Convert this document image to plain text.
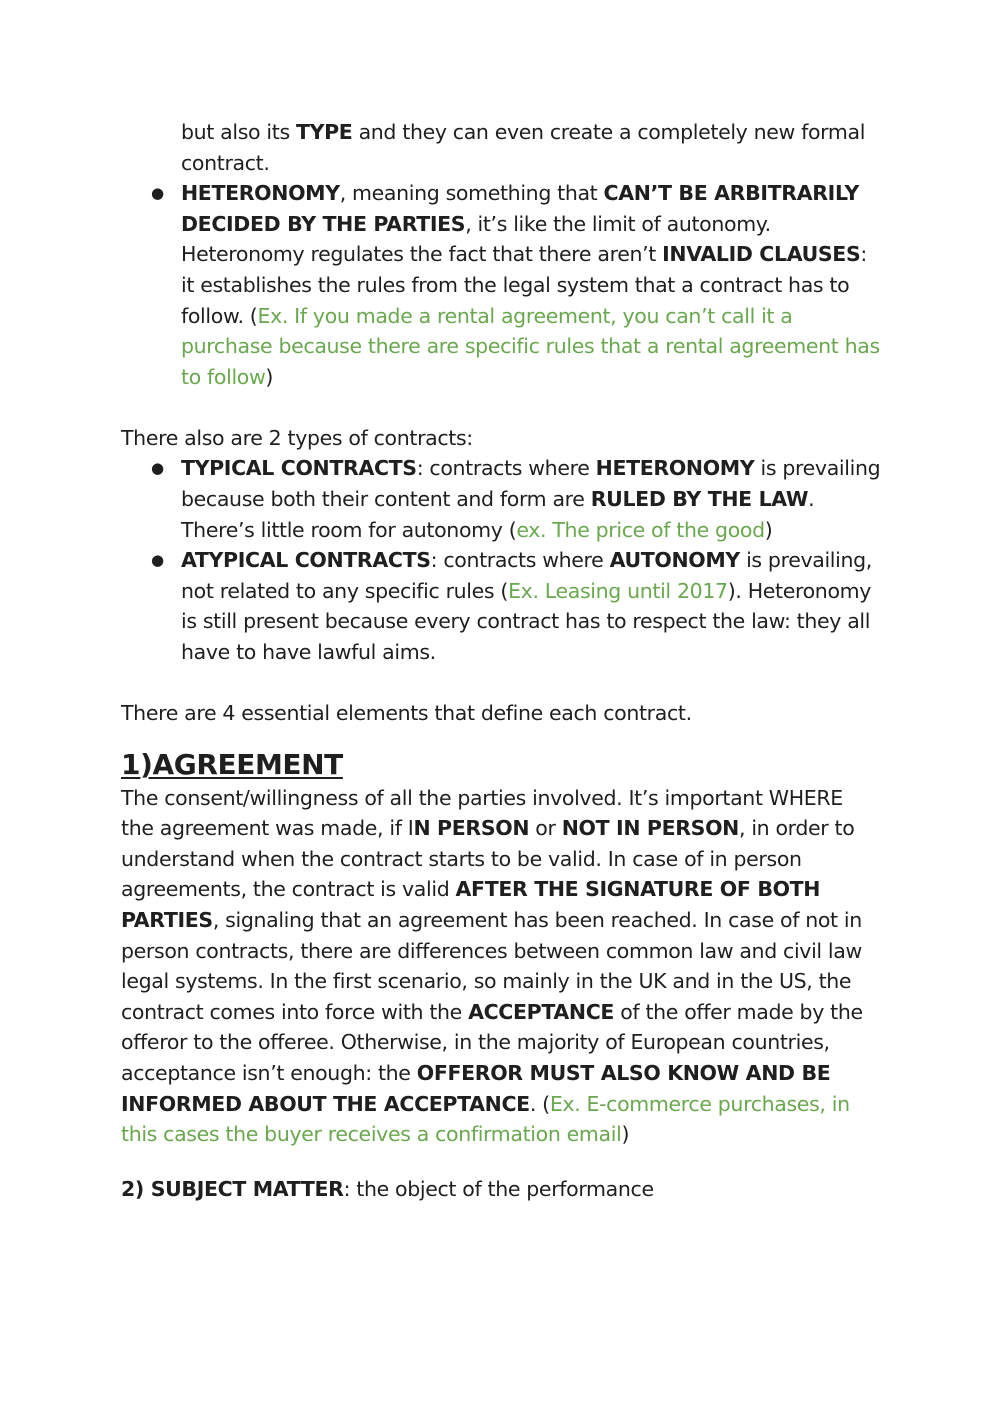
but also its TYPE and they can even create a completely new formal contract.

● HETERONOMY, meaning something that CAN’T BE ARBITRARILY DECIDED BY THE PARTIES, it’s like the limit of autonomy. Heteronomy regulates the fact that there aren’t INVALID CLAUSES: it establishes the rules from the legal system that a contract has to follow. (Ex. If you made a rental agreement, you can’t call it a purchase because there are specific rules that a rental agreement has to follow)

There also are 2 types of contracts:

● TYPICAL CONTRACTS: contracts where HETERONOMY is prevailing because both their content and form are RULED BY THE LAW. There’s little room for autonomy (ex. The price of the good)

● ATYPICAL CONTRACTS: contracts where AUTONOMY is prevailing, not related to any specific rules (Ex. Leasing until 2017). Heteronomy is still present because every contract has to respect the law: they all have to have lawful aims.

There are 4 essential elements that define each contract.

1)AGREEMENT

The consent/willingness of all the parties involved. It’s important WHERE the agreement was made, if IN PERSON or NOT IN PERSON, in order to understand when the contract starts to be valid. In case of in person agreements, the contract is valid AFTER THE SIGNATURE OF BOTH PARTIES, signaling that an agreement has been reached. In case of not in person contracts, there are differences between common law and civil law legal systems. In the first scenario, so mainly in the UK and in the US, the contract comes into force with the ACCEPTANCE of the offer made by the offeror to the offeree. Otherwise, in the majority of European countries, acceptance isn’t enough: the OFFEROR MUST ALSO KNOW AND BE INFORMED ABOUT THE ACCEPTANCE. (Ex. E-commerce purchases, in this cases the buyer receives a confirmation email)

2) SUBJECT MATTER: the object of the performance
